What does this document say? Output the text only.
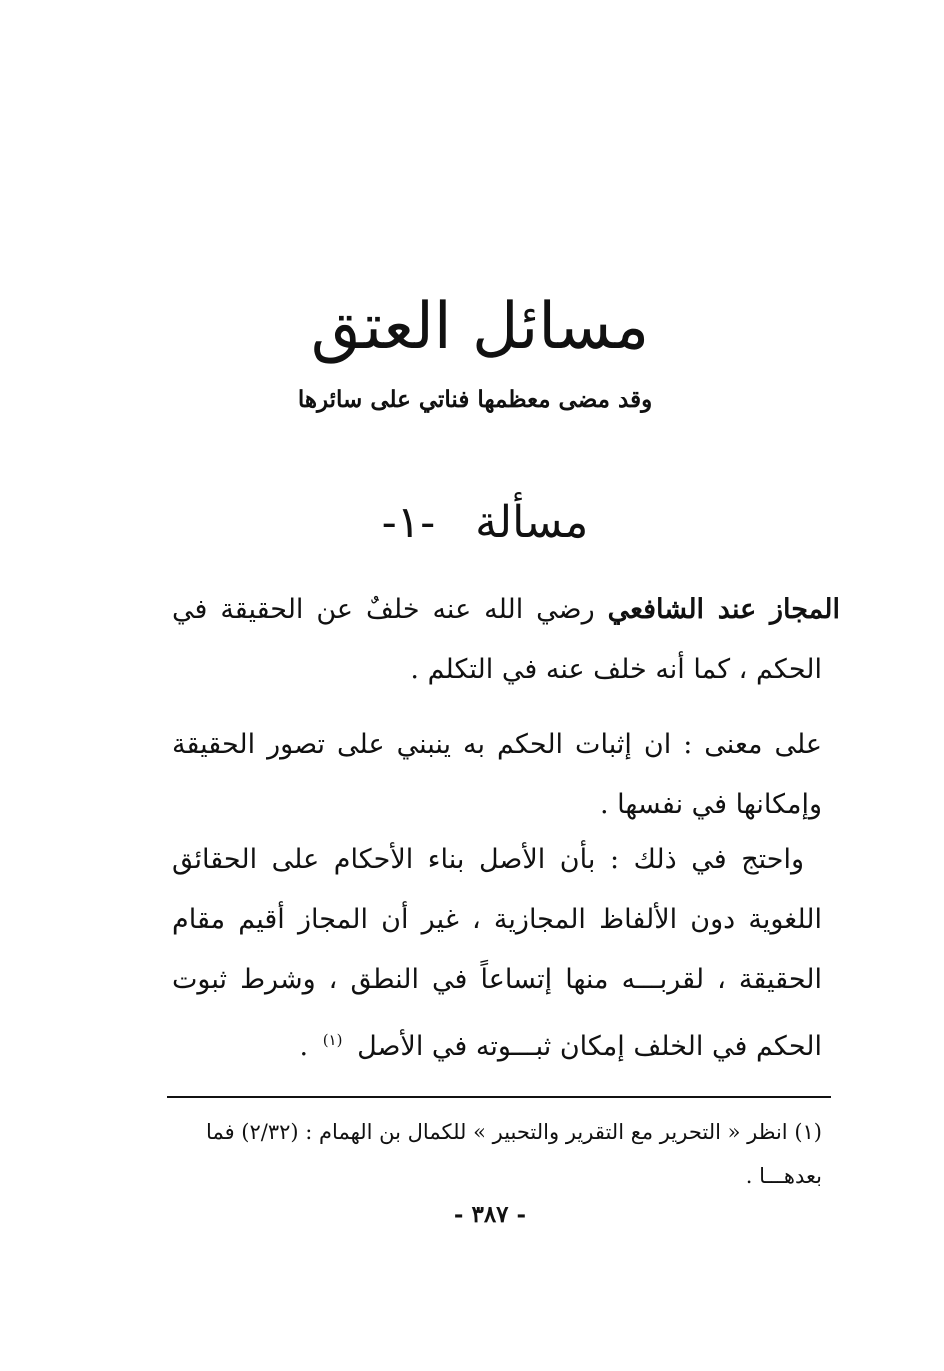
مسائل العتق
وقد مضى معظمها فناتي على سائرها
مسألة -١-
المجاز عند الشافعي رضي الله عنه خلفٌ عن الحقيقة في الحكم ، كما أنه خلف عنه في التكلم .
على معنى : ان إثبات الحكم به ينبني على تصور الحقيقة وإمكانها في نفسها .
واحتج في ذلك : بأن الأصل بناء الأحكام على الحقائق اللغوية دون الألفاظ المجازية ، غير أن المجاز أقيم مقام الحقيقة ، لقربـــه منها إتساعاً في النطق ، وشرط ثبوت الحكم في الخلف إمكان ثبـــوته في الأصل $^{(١)}$ .
(١) انظر « التحرير مع التقرير والتحبير » للكمال بن الهمام : (٢/٣٢) فما بعدهـــا .
- ٣٨٧ -
